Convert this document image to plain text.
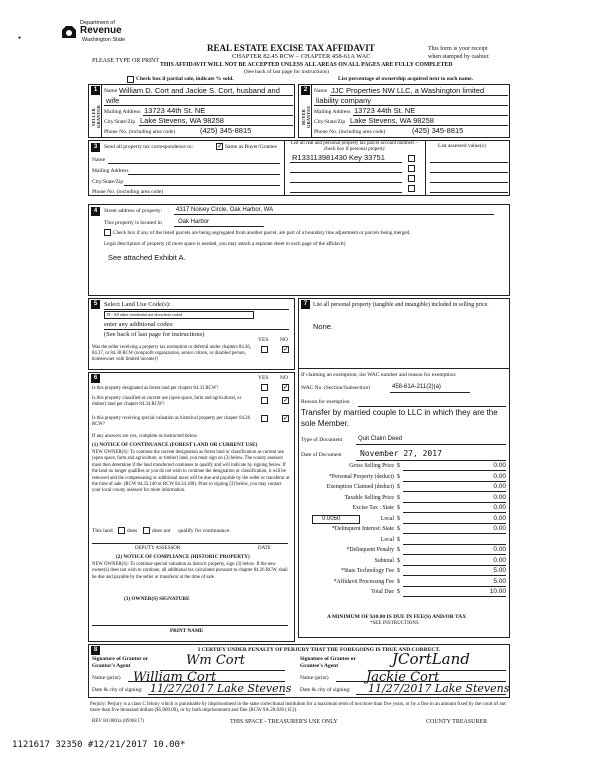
Department of
Revenue
Washington State
PLEASE TYPE OR PRINT
REAL ESTATE EXCISE TAX AFFIDAVIT
CHAPTER 82.45 RCW – CHAPTER 458-61A WAC
THIS AFFIDAVIT WILL NOT BE ACCEPTED UNLESS ALL AREAS ON ALL PAGES ARE FULLY COMPLETED
(See back of last page for instructions)
This form is your receipt
when stamped by cashier.
●
Check box if partial sale, indicate % sold.	List percentage of ownership acquired next to each name.
1	2
SELLER GRANTOR	BUYER GRANTEE
Name William D. Cort and Jackie S. Cort, husband and
wife
Mailing Address 13723 44th St. NE
City/State/Zip Lake Stevens, WA 98258
Phone No. (including area code)	(425) 345-8815
Name JJC Properties NW LLC, a Washington limited
liability company
Mailing Address 13723 44th St. NE
City/State/Zip Lake Stevens, WA 98258
Phone No. (including area code)	(425) 345-8815
3	Send all property tax correspondence to:
✓	Same as Buyer/Grantee
List all real and personal property tax parcel account numbers – check box if personal property
List assessed value(s)
R133113981430 Key 33751
Name
Mailing Address
City/State/Zip
Phone No. (including area code)
4	Street address of property: 4317 Noisey Circle, Oak Harbor, WA
This property is located in	Oak Harbor
Check box if any of the listed parcels are being segregated from another parcel, are part of a boundary line adjustment or parcels being merged.
Legal description of property (if more space is needed, you may attach a separate sheet to each page of the affidavit)
See attached Exhibit A.
5	Select Land Use Code(s):
18 - All other residential not elsewhere coded
enter any additional codes:
(See back of last page for instructions)
YES NO
Was the seller receiving a property tax exemption or deferral under chapters 84.36, 84.37, or 84.38 RCW (nonprofit organization, senior citizen, or disabled person, homeowner with limited income)?
✓
6	YES NO
Is this property designated as forest land per chapter 84.33 RCW?
✓
Is this property classified as current use (open space, farm and agricultural, or timber) land per chapter 84.34 RCW?
✓
Is this property receiving special valuation as historical property per chapter 84.26 RCW?
✓
If any answers are yes, complete as instructed below.
(1) NOTICE OF CONTINUANCE (FOREST LAND OR CURRENT USE)
NEW OWNER(S): To continue the current designation as forest land or classification as current use (open space, farm and agriculture, or timber) land, you must sign on (3) below. The county assessor must then determine if the land transferred continues to qualify and will indicate by signing below. If the land no longer qualifies or you do not wish to continue the designation or classification, it will be removed and the compensating or additional taxes will be due and payable by the seller or transferor at the time of sale. (RCW 84.33.140 or RCW 84.34.108). Prior to signing (3) below, you may contact your local county assessor for more information.
This land	does	does not qualify for continuance.
DEPUTY ASSESSOR	DATE
(2) NOTICE OF COMPLIANCE (HISTORIC PROPERTY)
NEW OWNER(S): To continue special valuation as historic property, sign (3) below. If the new owner(s) does not wish to continue, all additional tax calculated pursuant to chapter 84.26 RCW, shall be due and payable by the seller or transferor at the time of sale.
(3) OWNER(S) SIGNATURE
PRINT NAME
7	List all personal property (tangible and intangible) included in selling price.
None.
If claiming an exemption, list WAC number and reason for exemption:
WAC No. (Section/Subsection)	458-61A-211(2)(a)
Reason for exemption
Transfer by married couple to LLC in which they are the sole Member.
Type of Document	Quit Claim Deed
Date of Document November 27, 2017
Gross Selling Price $	0.00
*Personal Property (deduct) $	0.00
Exemption Claimed (deduct) $	0.00
Taxable Selling Price $	0.00
Excise Tax : State $	0.00
Local $	0.00
*Delinquent Interest: State $	0.00
Local $
*Delinquent Penalty $	0.00
Subtotal $	0.00
*State Technology Fee $	5.00
*Affidavit Processing Fee $	5.00
Total Due $	10.00
0.0050
A MINIMUM OF $10.00 IS DUE IN FEE(S) AND/OR TAX
*SEE INSTRUCTIONS
8	I CERTIFY UNDER PENALTY OF PERJURY THAT THE FOREGOING IS TRUE AND CORRECT.
Signature of Grantor or Grantor's Agent	Wm Cort	Signature of Grantee or Grantee's Agent	JCortLand
Name (print) William Cort	Name (print)	Jackie Cort
Date & city of signing: 11/27/2017 Lake Stevens Date & city of signing: 11/27/2017 Lake Stevens
Perjury: Perjury is a class C felony which is punishable by imprisonment in the state correctional institution for a maximum term of not more than five years, or by a fine in an amount fixed by the court of not more than five thousand dollars ($5,000.00), or by both imprisonment and fine (RCW 9A.20.020 (1C)).
REV 84 0001a (09/06/17)	THIS SPACE - TREASURER'S USE ONLY	COUNTY TREASURER
1121617 32350 #12/21/2017 10.00*
